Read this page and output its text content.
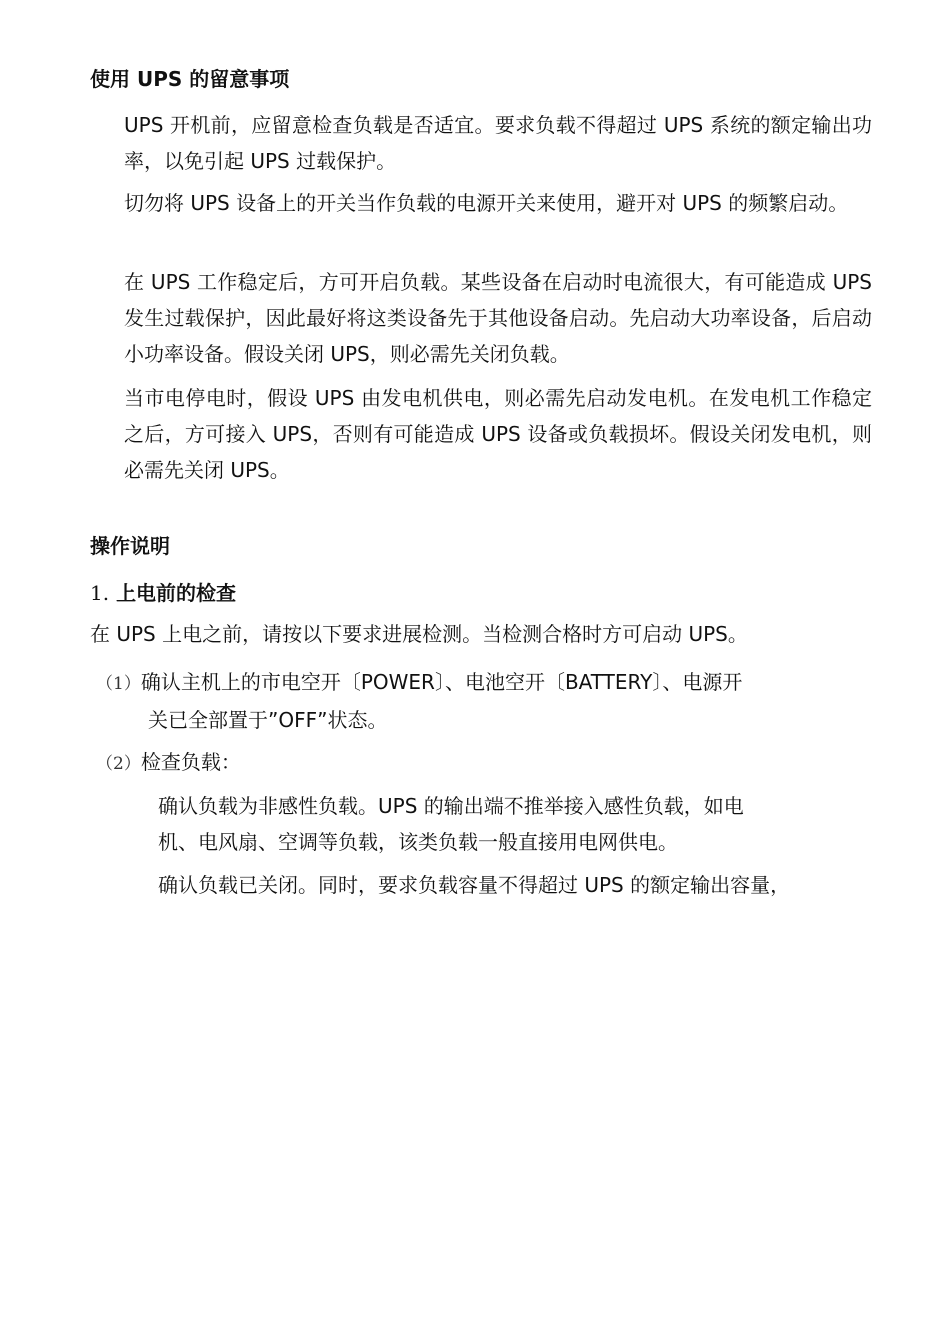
使用 UPS 的留意事项
UPS 开机前，应留意检查负载是否适宜。要求负载不得超过 UPS 系统的额定输出功率，以免引起 UPS 过载保护。
切勿将 UPS 设备上的开关当作负载的电源开关来使用，避开对 UPS 的频繁启动。
在 UPS 工作稳定后，方可开启负载。某些设备在启动时电流很大，有可能造成 UPS 发生过载保护，因此最好将这类设备先于其他设备启动。先启动大功率设备，后启动小功率设备。假设关闭 UPS，则必需先关闭负载。
当市电停电时，假设 UPS 由发电机供电，则必需先启动发电机。在发电机工作稳定之后，方可接入 UPS，否则有可能造成 UPS 设备或负载损坏。假设关闭发电机，则必需先关闭 UPS。
操作说明
1. 上电前的检查
在 UPS 上电之前，请按以下要求进展检测。当检测合格时方可启动 UPS。
（1）确认主机上的市电空开〔POWER〕、电池空开〔BATTERY〕、电源开
关已全部置于”OFF”状态。
（2）检查负载：
确认负载为非感性负载。UPS 的输出端不推举接入感性负载，如电
机、电风扇、空调等负载，该类负载一般直接用电网供电。
确认负载已关闭。同时，要求负载容量不得超过 UPS 的额定输出容量，
